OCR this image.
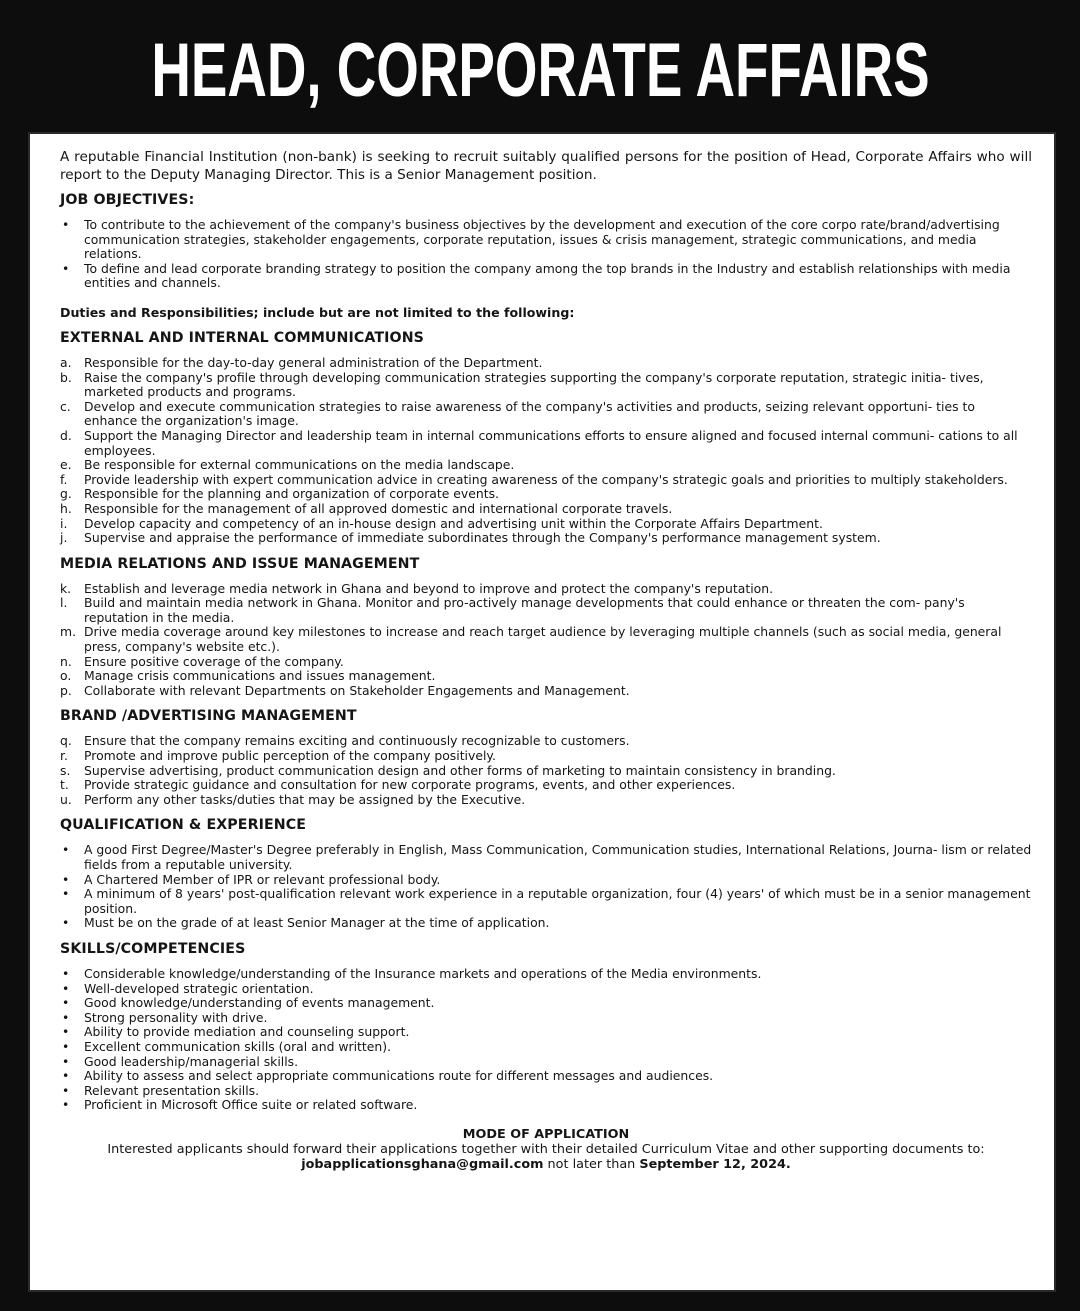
HEAD, CORPORATE AFFAIRS

A reputable Financial Institution (non-bank) is seeking to recruit suitably qualified persons for the position of Head, Corporate Affairs who will report to the Deputy Managing Director. This is a Senior Management position.

JOB OBJECTIVES:
•	To contribute to the achievement of the company's business objectives by the development and execution of the core corpo rate/brand/advertising communication strategies, stakeholder engagements, corporate reputation, issues & crisis management, strategic communications, and media relations.
•	To define and lead corporate branding strategy to position the company among the top brands in the Industry and establish relationships with media entities and channels.

Duties and Responsibilities; include but are not limited to the following:

EXTERNAL AND INTERNAL COMMUNICATIONS
a.	Responsible for the day-to-day general administration of the Department.
b. Raise the company's profile through developing communication strategies supporting the company's corporate reputation, strategic initia- tives, marketed products and programs.
c.	Develop and execute communication strategies to raise awareness of the company's activities and products, seizing relevant opportuni- ties to enhance the organization's image.
d. Support the Managing Director and leadership team in internal communications efforts to ensure aligned and focused internal communi- cations to all employees.
e.	Be responsible for external communications on the media landscape.
f.	Provide leadership with expert communication advice in creating awareness of the company's strategic goals and priorities to multiply stakeholders.
g. Responsible for the planning and organization of corporate events.
h. Responsible for the management of all approved domestic and international corporate travels.
i.	Develop capacity and competency of an in-house design and advertising unit within the Corporate Affairs Department.
j.	Supervise and appraise the performance of immediate subordinates through the Company's performance management system.
MEDIA RELATIONS AND ISSUE MANAGEMENT
k.	Establish and leverage media network in Ghana and beyond to improve and protect the company's reputation.
l.	Build and maintain media network in Ghana. Monitor and pro-actively manage developments that could enhance or threaten the com- pany's reputation in the media.
m. Drive media coverage around key milestones to increase and reach target audience by leveraging multiple channels (such as social media, general press, company's website etc.).
n. Ensure positive coverage of the company.
o.	Manage crisis communications and issues management.
p. Collaborate with relevant Departments on Stakeholder Engagements and Management.
BRAND /ADVERTISING MANAGEMENT
q. Ensure that the company remains exciting and continuously recognizable to customers.
r.	Promote and improve public perception of the company positively.
s.	Supervise advertising, product communication design and other forms of marketing to maintain consistency in branding.
t.	Provide strategic guidance and consultation for new corporate programs, events, and other experiences.
u. Perform any other tasks/duties that may be assigned by the Executive.
QUALIFICATION & EXPERIENCE
•	A good First Degree/Master's Degree preferably in English, Mass Communication, Communication studies, International Relations, Journa- lism or related fields from a reputable university.
•	A Chartered Member of IPR or relevant professional body.
•	A minimum of 8 years' post-qualification relevant work experience in a reputable organization, four (4) years' of which must be in a senior management position.
•	Must be on the grade of at least Senior Manager at the time of application.
SKILLS/COMPETENCIES
•	Considerable knowledge/understanding of the Insurance markets and operations of the Media environments.
•	Well-developed strategic orientation.
•	Good knowledge/understanding of events management.
•	Strong personality with drive.
•	Ability to provide mediation and counseling support.
•	Excellent communication skills (oral and written).
•	Good leadership/managerial skills.
•	Ability to assess and select appropriate communications route for different messages and audiences.
•	Relevant presentation skills.
•	Proficient in Microsoft Office suite or related software.
MODE OF APPLICATION
Interested applicants should forward their applications together with their detailed Curriculum Vitae and other supporting documents to:
jobapplicationsghana@gmail.com not later than September 12, 2024.
